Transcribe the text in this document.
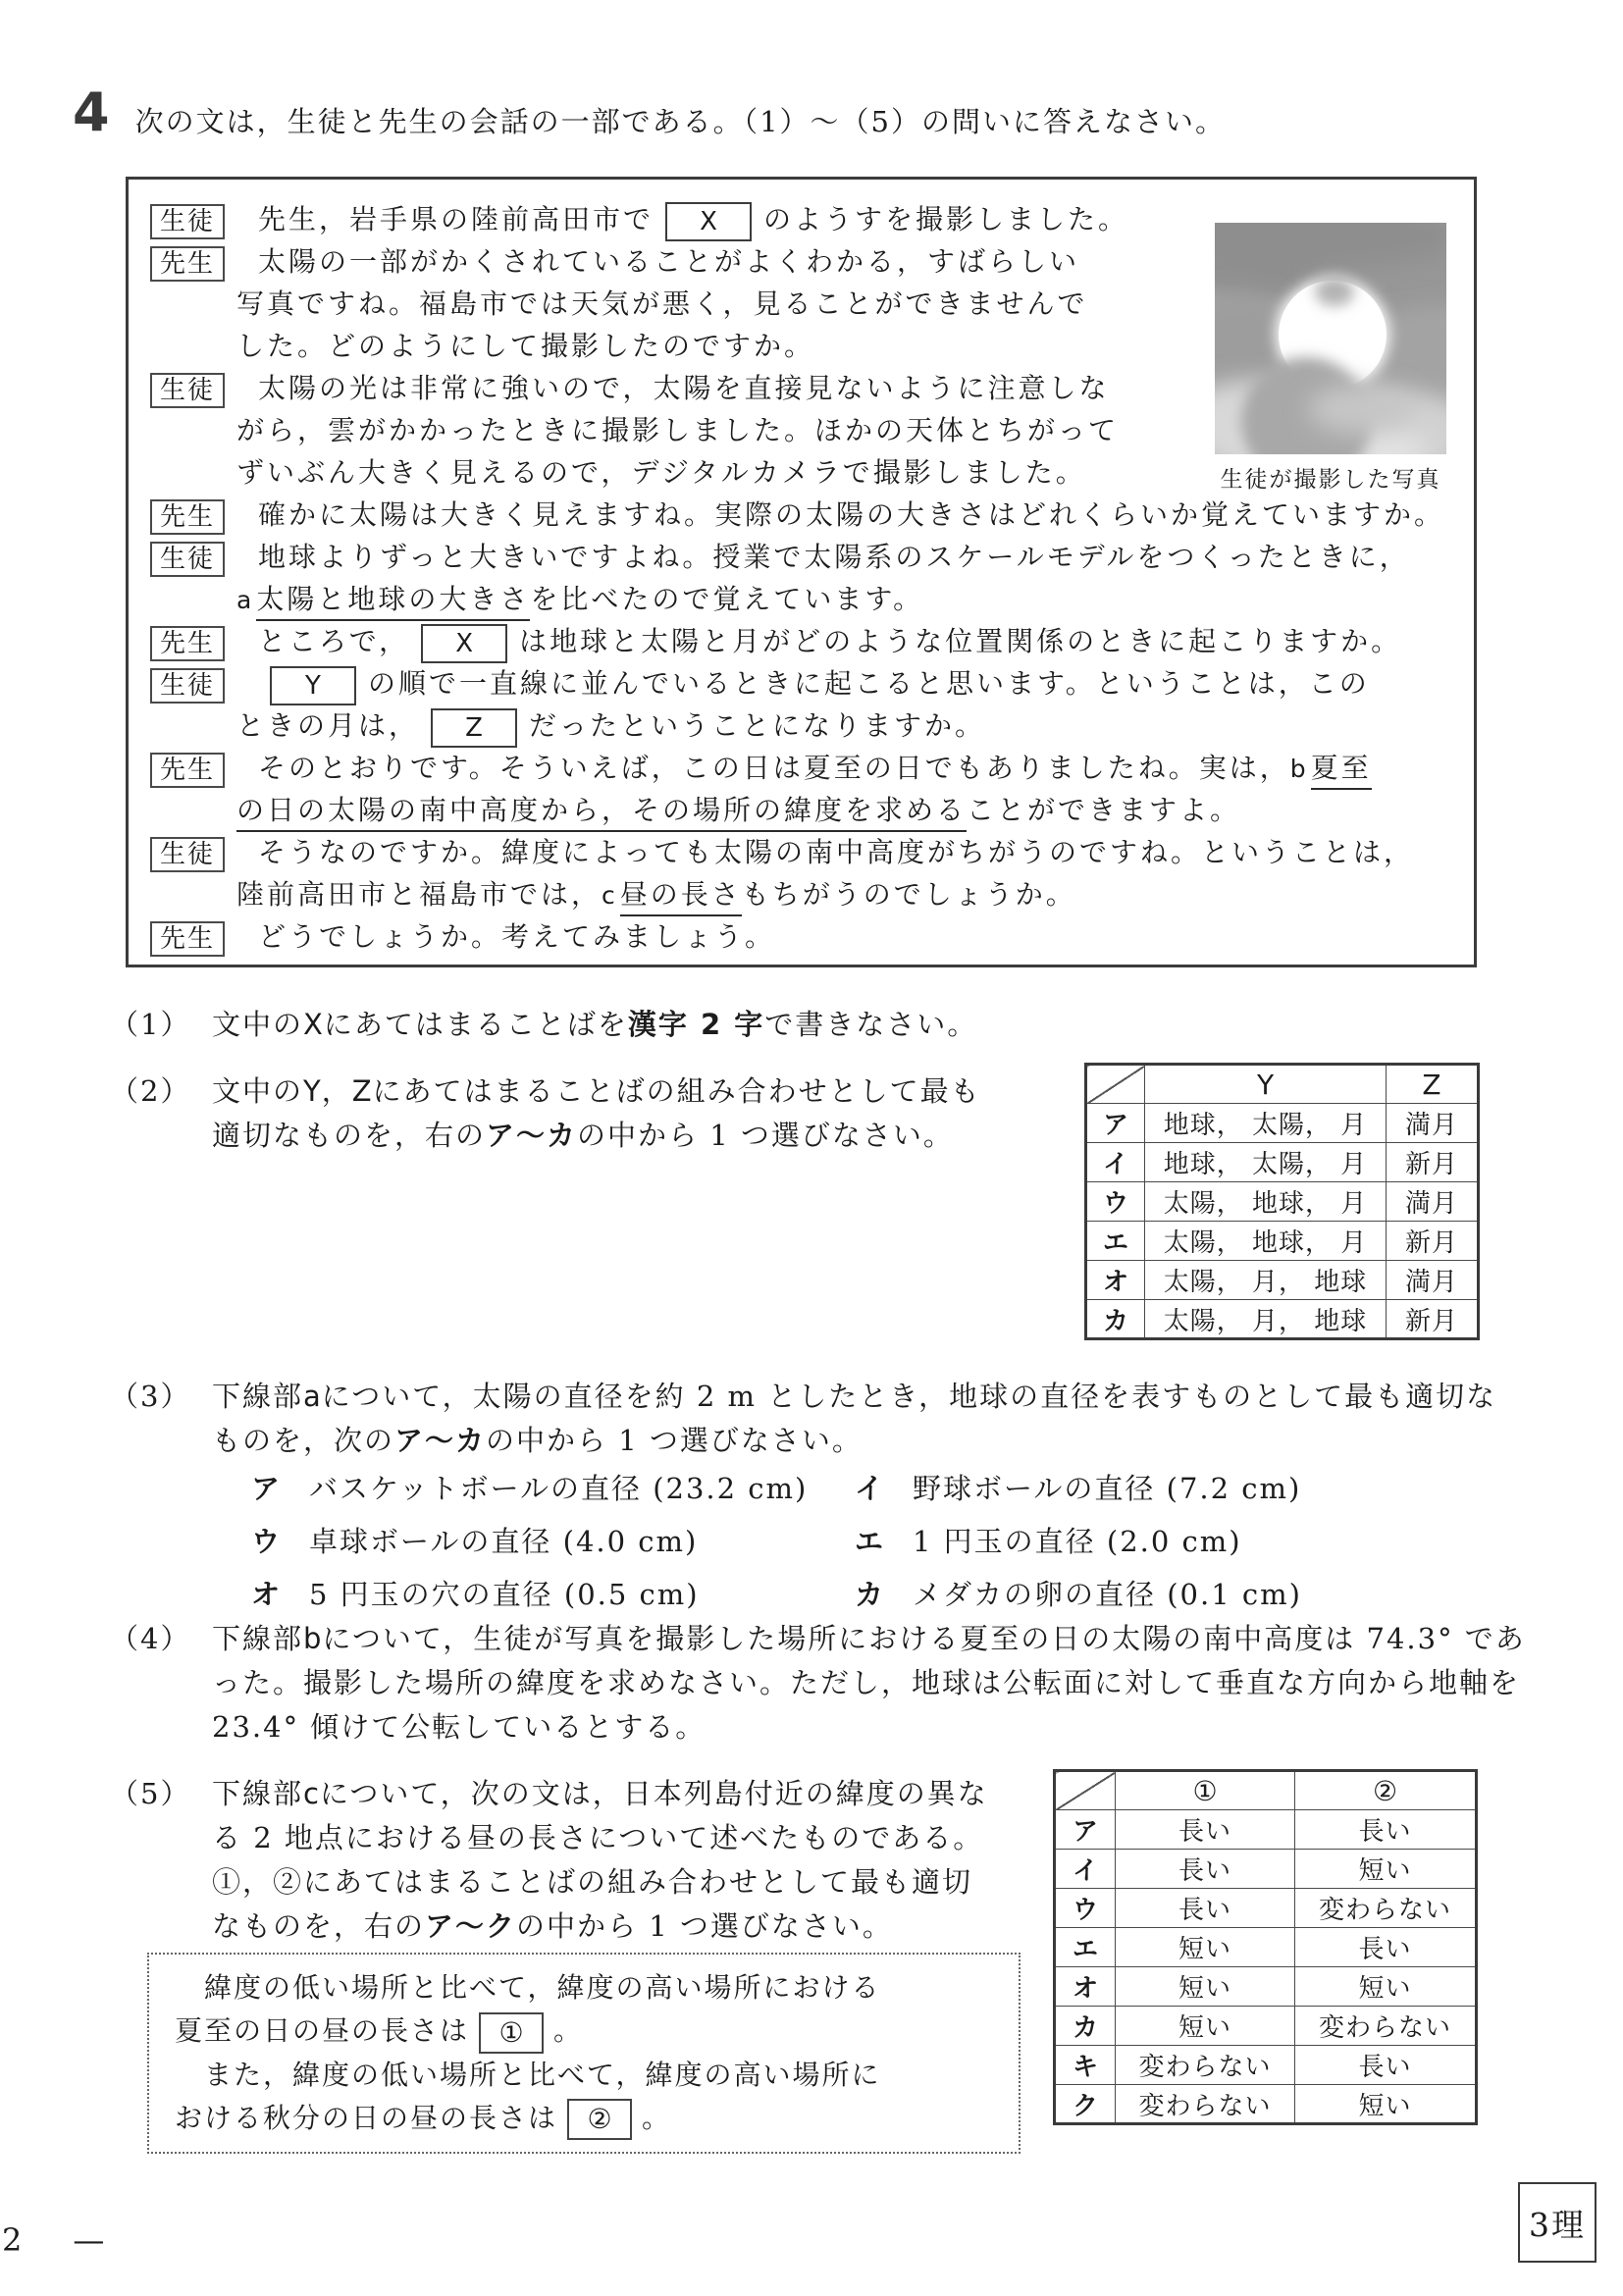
4 次の文は，生徒と先生の会話の一部である。（1）～（5）の問いに答えなさい。
生徒が撮影した写真
生徒 先生，岩手県の陸前高田市で X のようすを撮影しました。
先生 太陽の一部がかくされていることがよくわかる，すばらしい
写真ですね。福島市では天気が悪く，見ることができませんで
した。どのようにして撮影したのですか。
生徒 太陽の光は非常に強いので，太陽を直接見ないように注意しな
がら，雲がかかったときに撮影しました。ほかの天体とちがって
ずいぶん大きく見えるので，デジタルカメラで撮影しました。
先生 確かに太陽は大きく見えますね。実際の太陽の大きさはどれくらいか覚えていますか。
生徒 地球よりずっと大きいですよね。授業で太陽系のスケールモデルをつくったときに，
a 太陽と地球の大きさを比べたので覚えています。
先生 ところで， X は地球と太陽と月がどのような位置関係のときに起こりますか。
生徒	Y の順で一直線に並んでいるときに起こると思います。ということは，この
ときの月は， Z だったということになりますか。
先生 そのとおりです。そういえば，この日は夏至の日でもありましたね。実は，b 夏至
の日の太陽の南中高度から，その場所の緯度を求めることができますよ。
生徒 そうなのですか。緯度によっても太陽の南中高度がちがうのですね。ということは，
陸前高田市と福島市では，c 昼の長さもちがうのでしょうか。
先生 どうでしょうか。考えてみましょう。
（1） 文中のXにあてはまることばを漢字 2 字で書きなさい。
（2） 文中のY，Zにあてはまることばの組み合わせとして最も適切なものを，右のア～カの中から 1 つ選びなさい。
	Y	Z
ア	地球， 太陽， 月	満月
イ	地球， 太陽， 月	新月
ウ	太陽， 地球， 月	満月
エ	太陽， 地球， 月	新月
オ	太陽， 月， 地球	満月
カ	太陽， 月， 地球	新月
（3） 下線部aについて，太陽の直径を約 2 m としたとき，地球の直径を表すものとして最も適切なものを，次のア～カの中から 1 つ選びなさい。
ア バスケットボールの直径 (23.2 cm)	イ 野球ボールの直径 (7.2 cm)
ウ 卓球ボールの直径 (4.0 cm)	エ 1 円玉の直径 (2.0 cm)
オ 5 円玉の穴の直径 (0.5 cm)	カ メダカの卵の直径 (0.1 cm)
（4） 下線部bについて，生徒が写真を撮影した場所における夏至の日の太陽の南中高度は 74.3° であった。撮影した場所の緯度を求めなさい。ただし，地球は公転面に対して垂直な方向から地軸を 23.4° 傾けて公転しているとする。
（5） 下線部cについて，次の文は，日本列島付近の緯度の異なる 2 地点における昼の長さについて述べたものである。①，②にあてはまることばの組み合わせとして最も適切なものを，右のア～クの中から 1 つ選びなさい。
緯度の低い場所と比べて，緯度の高い場所における
夏至の日の昼の長さは ① 。
また，緯度の低い場所と比べて，緯度の高い場所に
おける秋分の日の昼の長さは ② 。
	①	②
ア	長い	長い
イ	長い	短い
ウ	長い	変わらない
エ	短い	長い
オ	短い	短い
カ	短い	変わらない
キ	変わらない	長い
ク	変わらない	短い
2　—	3理
